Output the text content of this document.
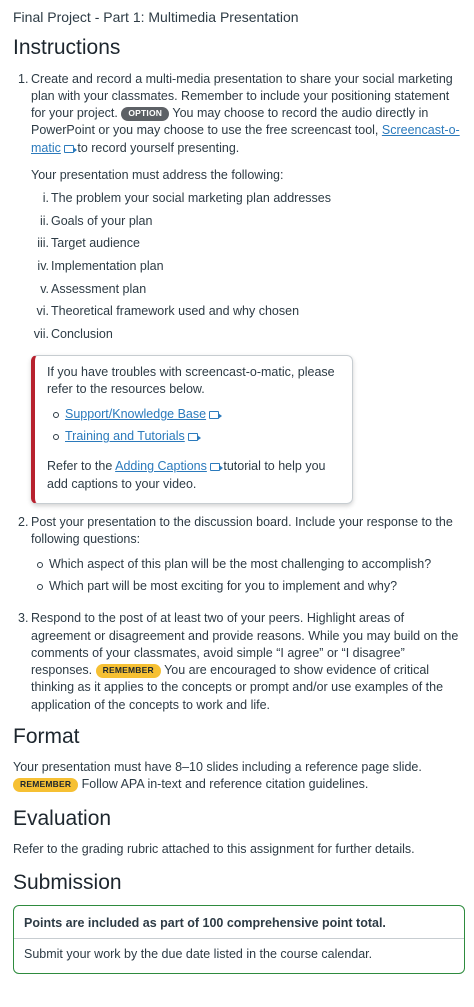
Final Project - Part 1: Multimedia Presentation
Instructions
1. Create and record a multi-media presentation to share your social marketing plan with your classmates. Remember to include your positioning statement for your project. OPTION You may choose to record the audio directly in PowerPoint or you may choose to use the free screencast tool, Screencast-o-matic to record yourself presenting.

Your presentation must address the following:

i. The problem your social marketing plan addresses
ii. Goals of your plan
iii. Target audience
iv. Implementation plan
v. Assessment plan
vi. Theoretical framework used and why chosen
vii. Conclusion

If you have troubles with screencast-o-matic, please refer to the resources below.

Support/Knowledge Base
Training and Tutorials

Refer to the Adding Captions tutorial to help you add captions to your video.

2. Post your presentation to the discussion board. Include your response to the following questions:

Which aspect of this plan will be the most challenging to accomplish?
Which part will be most exciting for you to implement and why?
3. Respond to the post of at least two of your peers. Highlight areas of agreement or disagreement and provide reasons. While you may build on the comments of your classmates, avoid simple “I agree” or “I disagree” responses. REMEMBER You are encouraged to show evidence of critical thinking as it applies to the concepts or prompt and/or use examples of the application of the concepts to work and life.

Format

Your presentation must have 8–10 slides including a reference page slide. REMEMBER Follow APA in-text and reference citation guidelines.

Evaluation

Refer to the grading rubric attached to this assignment for further details.

Submission
Points are included as part of 100 comprehensive point total.
Submit your work by the due date listed in the course calendar.
